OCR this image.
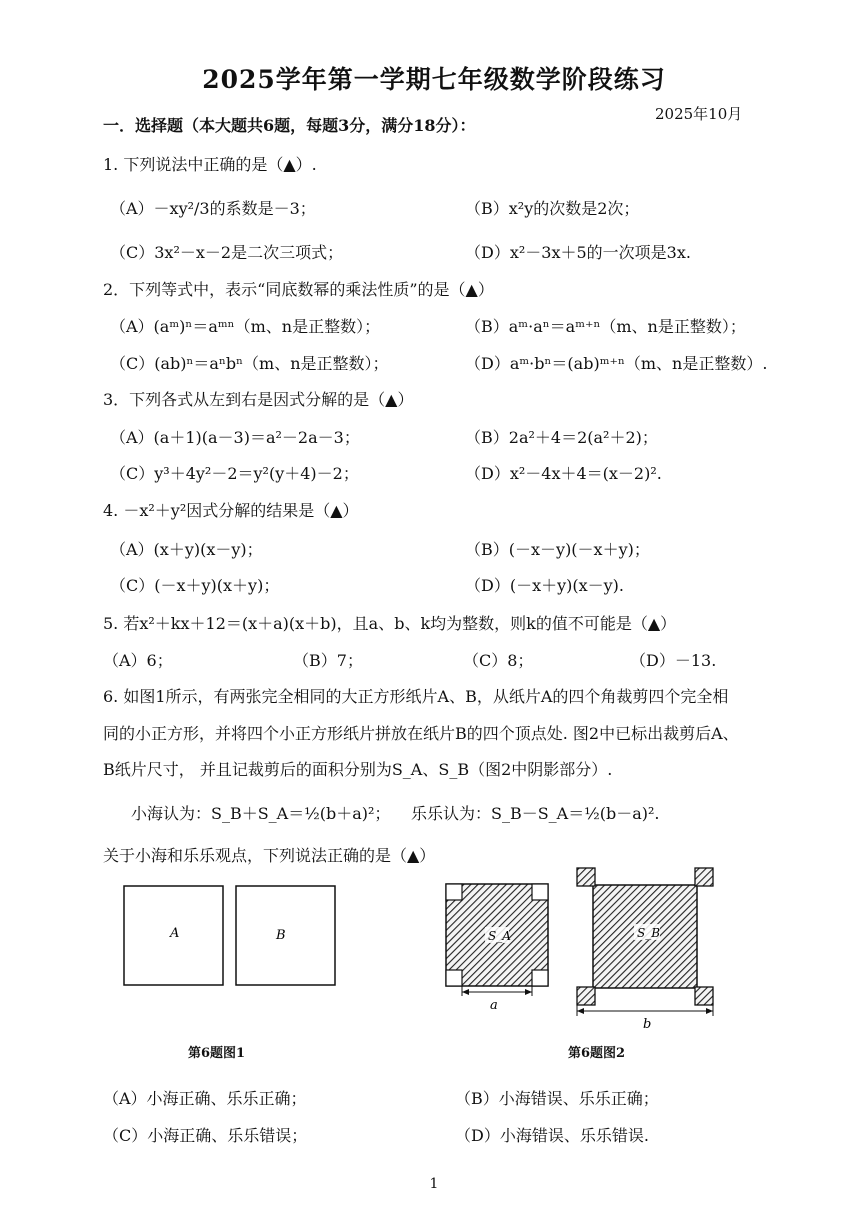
2025学年第一学期七年级数学阶段练习
2025年10月
一．选择题（本大题共6题，每题3分，满分18分）：
1. 下列说法中正确的是（▲）.
（A）－xy²/3的系数是－3；	（B）x²y的次数是2次；
（C）3x²－x－2是二次三项式；	（D）x²－3x＋5的一次项是3x.
2．下列等式中，表示“同底数幂的乘法性质”的是（▲）
（A）(aᵐ)ⁿ＝aᵐⁿ（m、n是正整数）；	（B）aᵐ·aⁿ＝aᵐ⁺ⁿ（m、n是正整数）；
（C）(ab)ⁿ＝aⁿbⁿ（m、n是正整数）；	（D）aᵐ·bⁿ＝(ab)ᵐ⁺ⁿ（m、n是正整数）.
3．下列各式从左到右是因式分解的是（▲）
（A）(a＋1)(a－3)＝a²－2a－3；	（B）2a²＋4＝2(a²＋2)；
（C）y³＋4y²－2＝y²(y＋4)－2；	（D）x²－4x＋4＝(x－2)².
4. －x²＋y²因式分解的结果是（▲）
（A）(x＋y)(x－y)；	（B）(－x－y)(－x＋y)；
（C）(－x＋y)(x＋y)；	（D）(－x＋y)(x－y).
5. 若x²＋kx＋12＝(x＋a)(x＋b)，且a、b、k均为整数，则k的值不可能是（▲）
（A）6；	（B）7；	（C）8；	（D）－13.
6. 如图1所示，有两张完全相同的大正方形纸片A、B，从纸片A的四个角裁剪四个完全相
同的小正方形，并将四个小正方形纸片拼放在纸片B的四个顶点处. 图2中已标出裁剪后A、
B纸片尺寸， 并且记裁剪后的面积分别为S_A、S_B（图2中阴影部分）.
小海认为：S_B＋S_A＝½(b＋a)²； 乐乐认为：S_B－S_A＝½(b－a)².
关于小海和乐乐观点，下列说法正确的是（▲）
A	B
第6题图1
S_A
a
S_B
b
第6题图2
（A）小海正确、乐乐正确；	（B）小海错误、乐乐正确；
（C）小海正确、乐乐错误；	（D）小海错误、乐乐错误.
1
